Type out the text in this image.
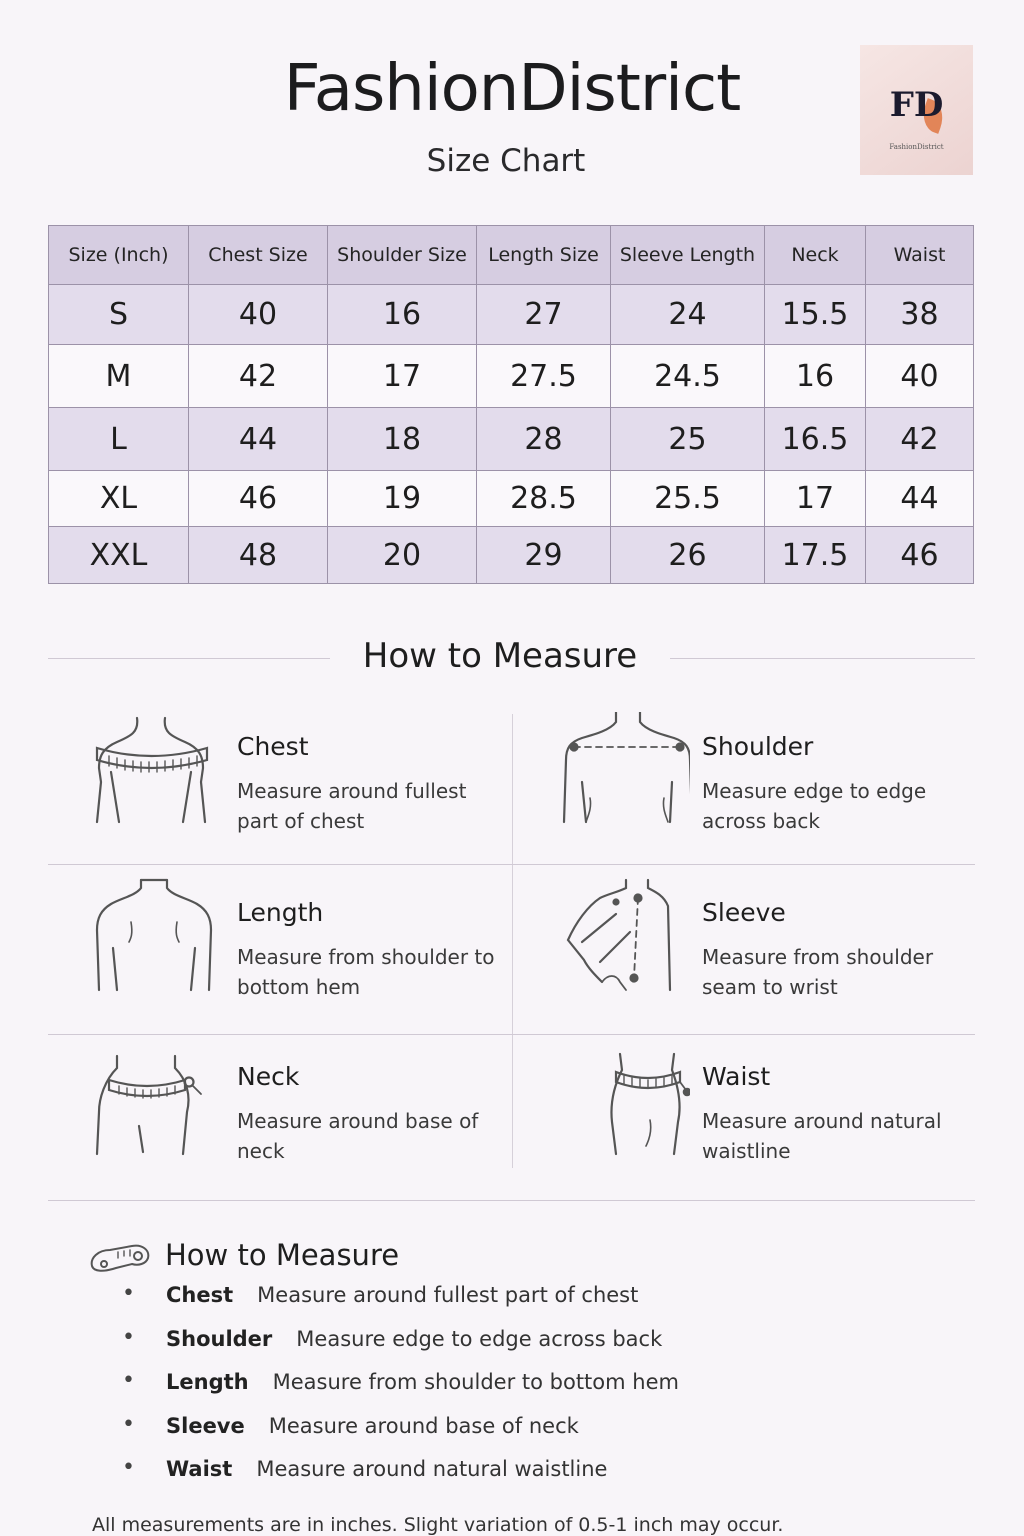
FashionDistrict
Size Chart
FD
FashionDistrict
Size (Inch)	Chest Size	Shoulder Size	Length Size	Sleeve Length	Neck	Waist
S	40	16	27	24	15.5	38
M	42	17	27.5	24.5	16	40
L	44	18	28	25	16.5	42
XL	46	19	28.5	25.5	17	44
XXL	48	20	29	26	17.5	46
How to Measure
Chest
Measure around fullest part of chest
Shoulder
Measure edge to edge across back
Length
Measure from shoulder to bottom hem
Sleeve
Measure from shoulder seam to wrist
Neck
Measure around base of neck
Waist
Measure around natural waistline
How to Measure
• Chest Measure around fullest part of chest
• Shoulder Measure edge to edge across back
• Length Measure from shoulder to bottom hem
• Sleeve Measure around base of neck
• Waist Measure around natural waistline
All measurements are in inches. Slight variation of 0.5-1 inch may occur.
